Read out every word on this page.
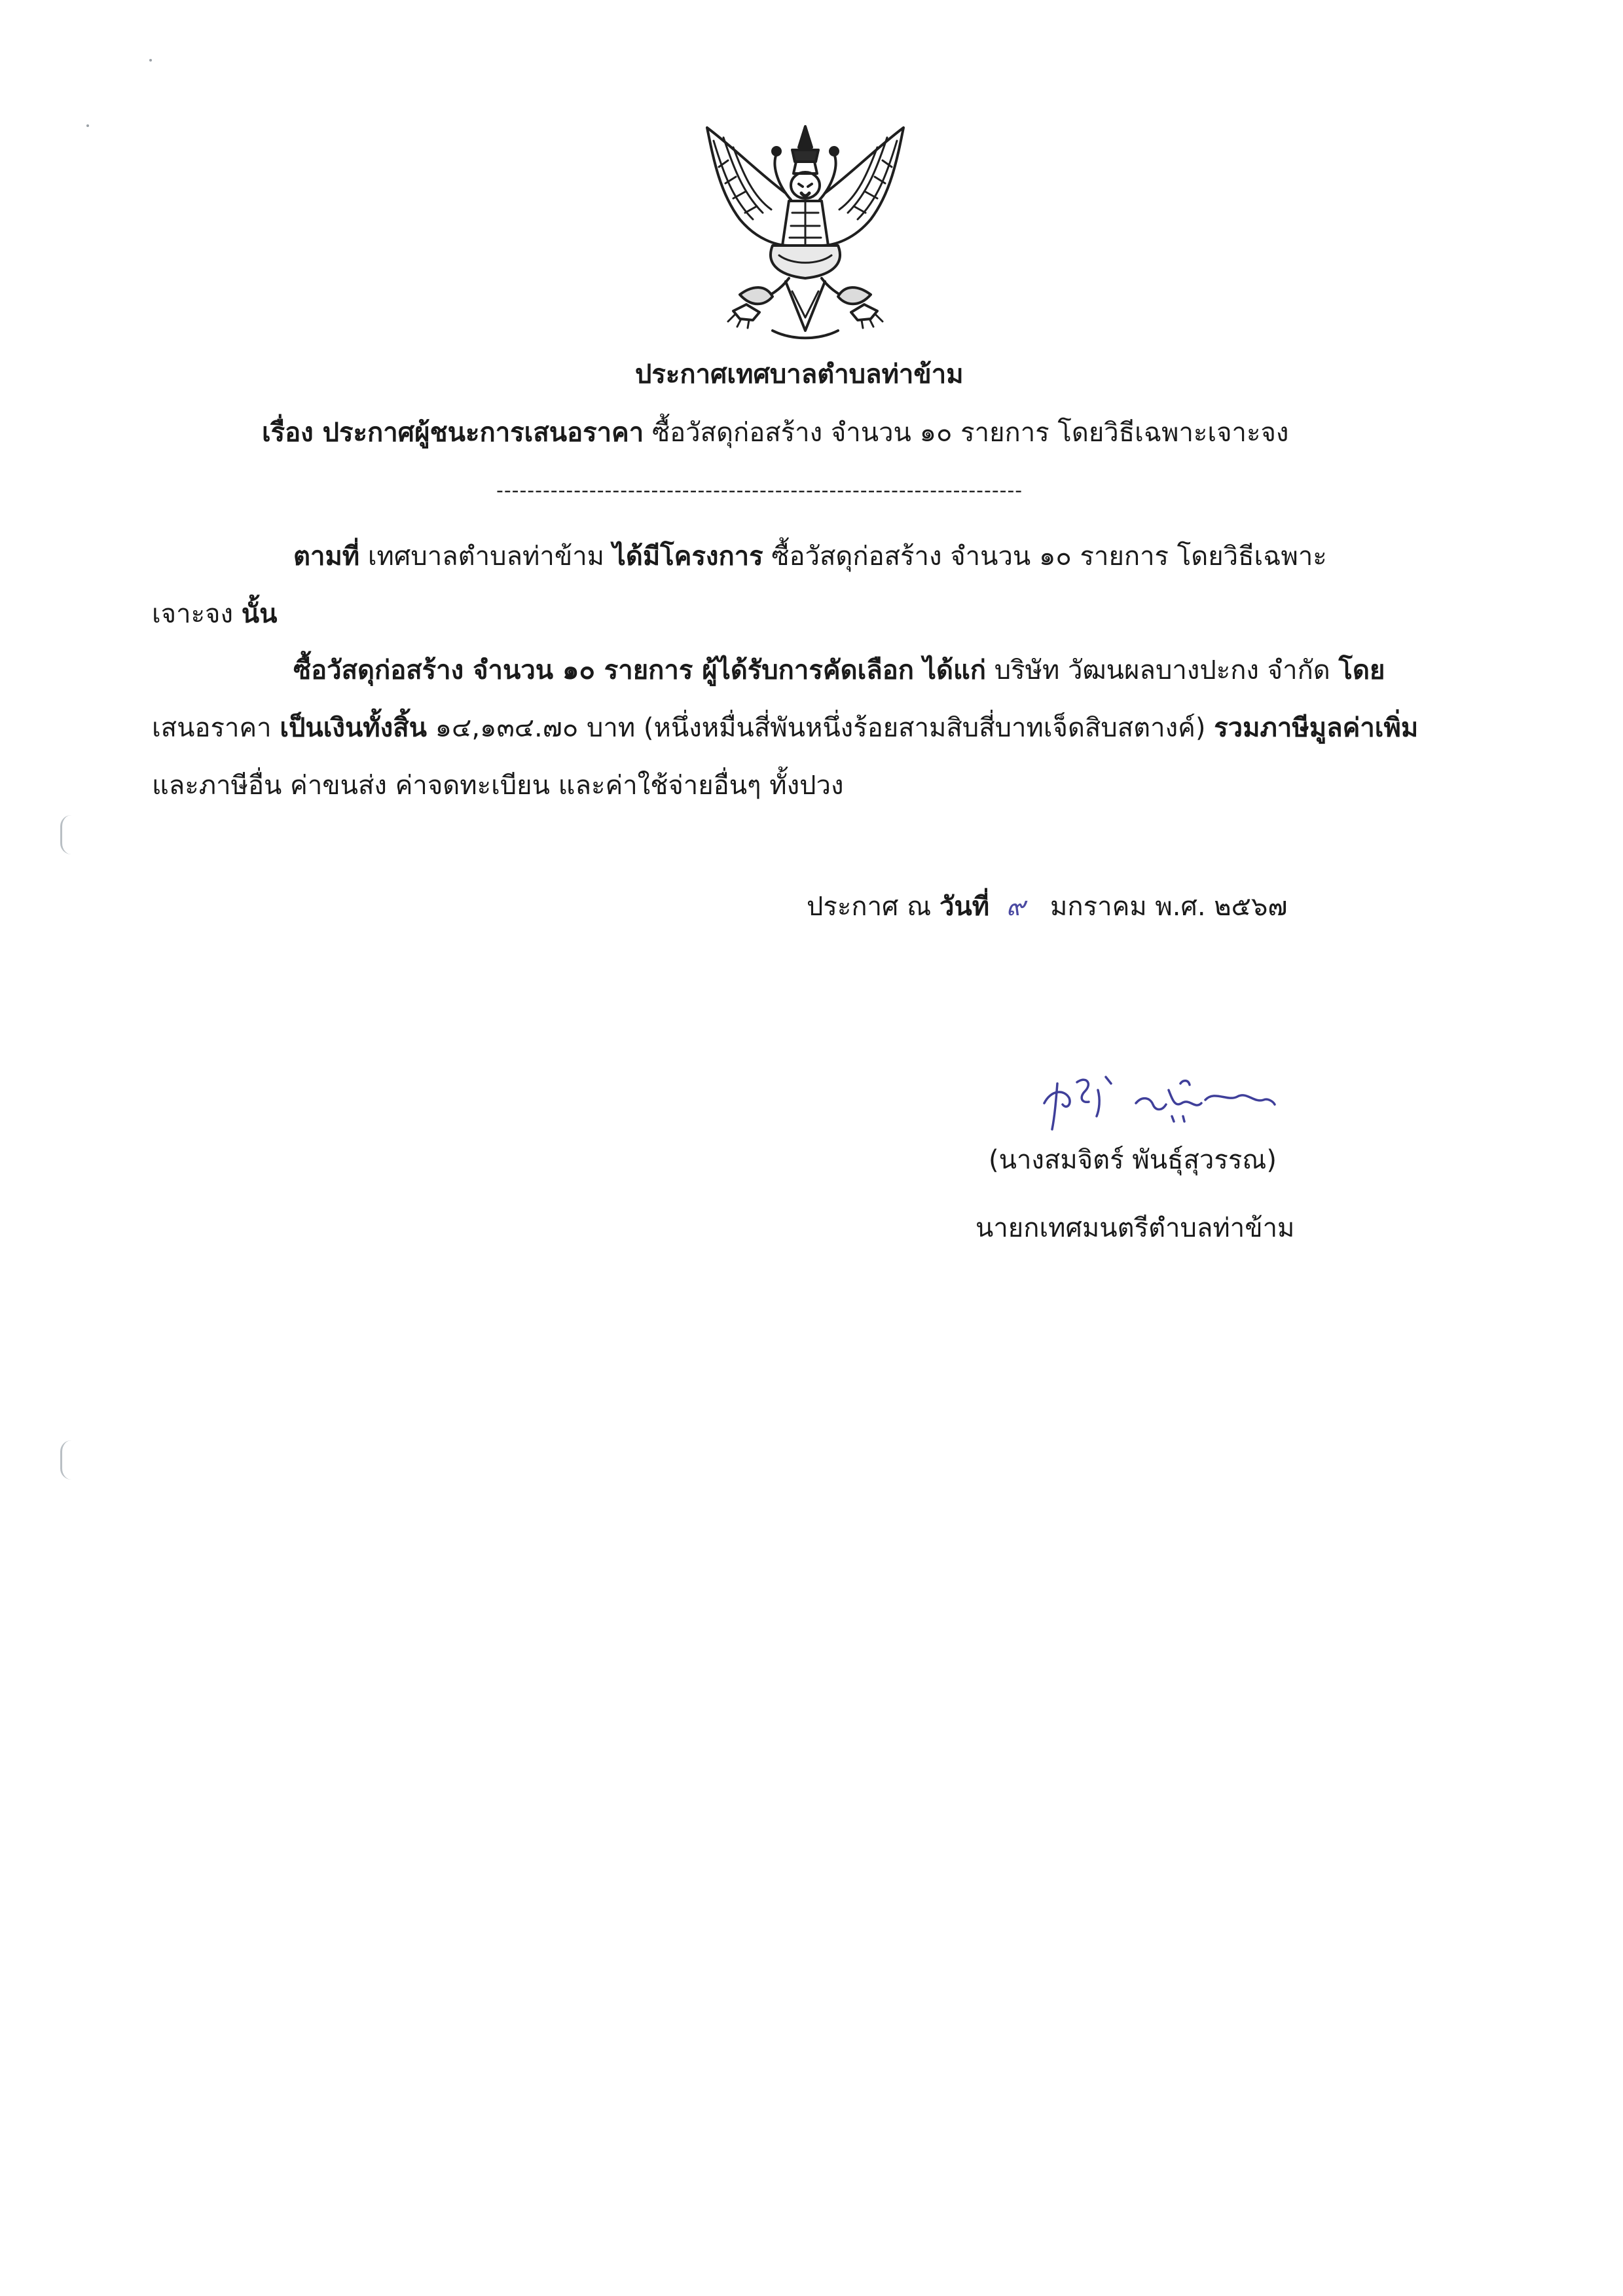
ประกาศเทศบาลตำบลท่าข้าม
เรื่อง ประกาศผู้ชนะการเสนอราคา ซื้อวัสดุก่อสร้าง จำนวน ๑๐ รายการ โดยวิธีเฉพาะเจาะจง
--------------------------------------------------------------------
ตามที่ เทศบาลตำบลท่าข้าม ได้มีโครงการ ซื้อวัสดุก่อสร้าง จำนวน ๑๐ รายการ โดยวิธีเฉพาะ
เจาะจง นั้น
ซื้อวัสดุก่อสร้าง จำนวน ๑๐ รายการ ผู้ได้รับการคัดเลือก ได้แก่ บริษัท วัฒนผลบางปะกง จำกัด โดย
เสนอราคา เป็นเงินทั้งสิ้น ๑๔,๑๓๔.๗๐ บาท (หนึ่งหมื่นสี่พันหนึ่งร้อยสามสิบสี่บาทเจ็ดสิบสตางค์) รวมภาษีมูลค่าเพิ่ม
และภาษีอื่น ค่าขนส่ง ค่าจดทะเบียน และค่าใช้จ่ายอื่นๆ ทั้งปวง
ประกาศ ณ วันที่ ๙ มกราคม พ.ศ. ๒๕๖๗
(นางสมจิตร์ พันธุ์สุวรรณ)
นายกเทศมนตรีตำบลท่าข้าม
